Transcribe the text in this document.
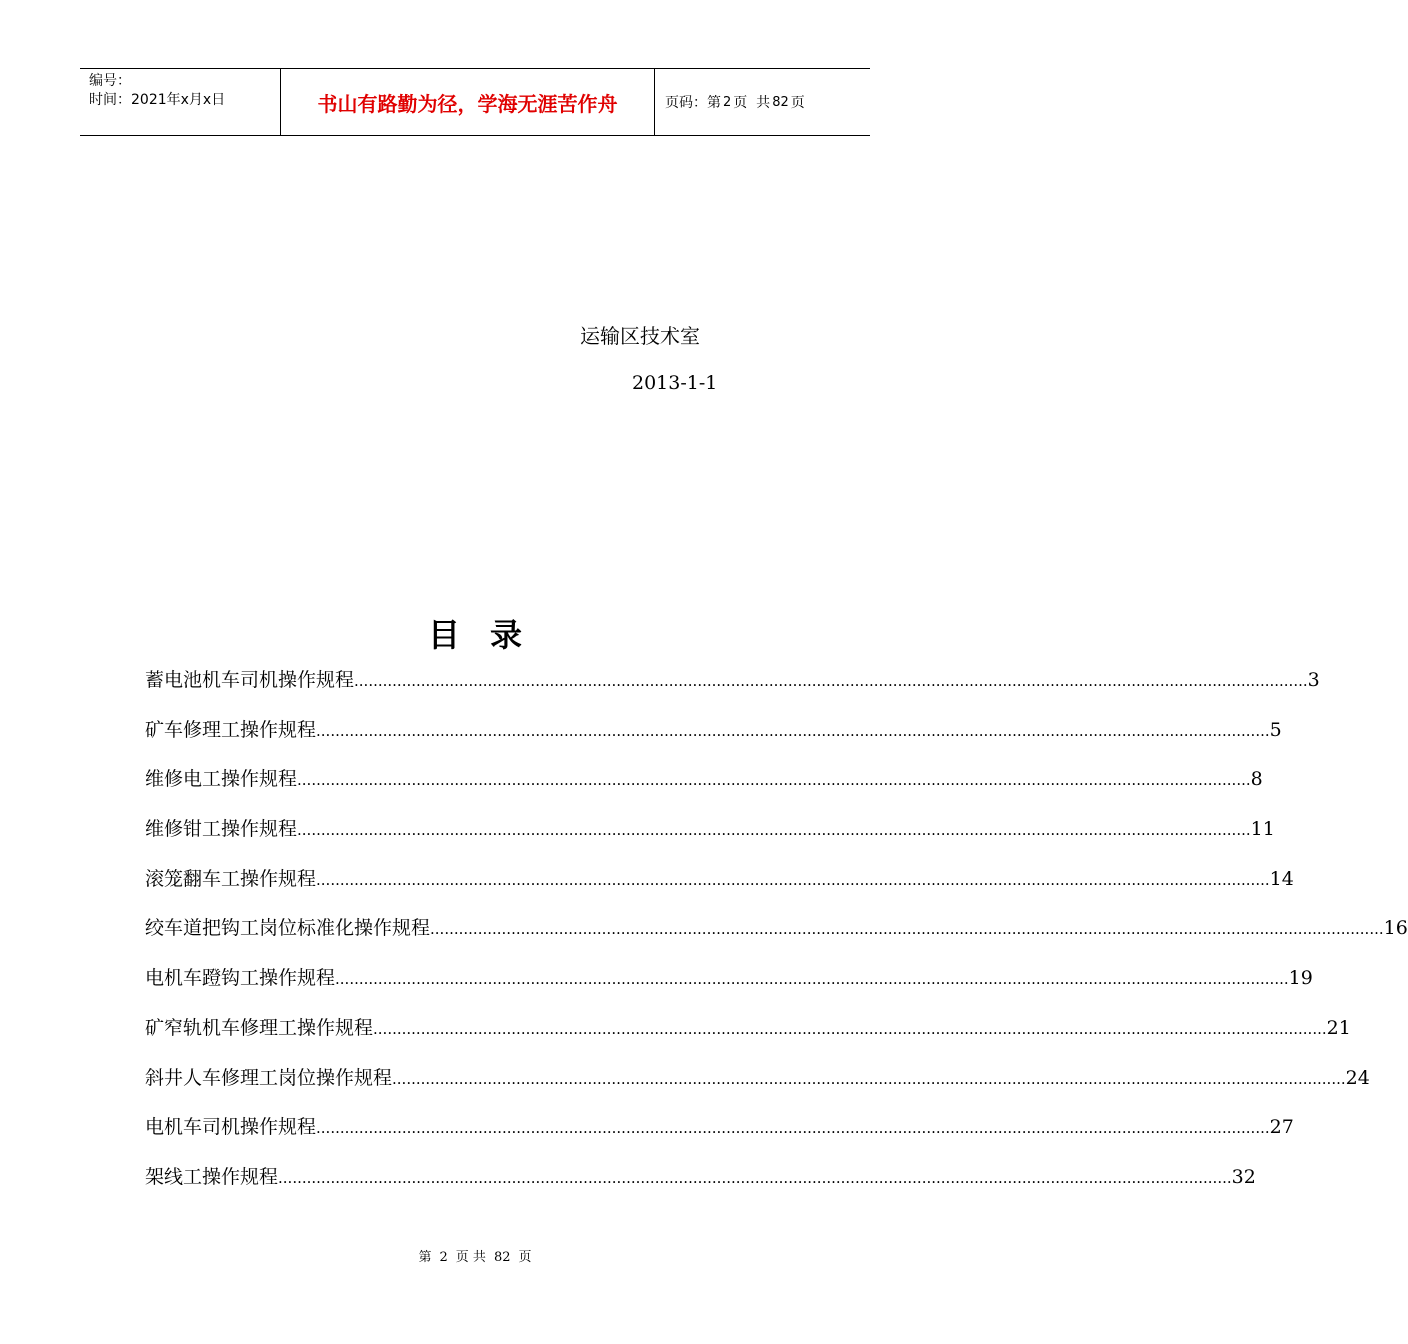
编号：
时间：2021年x月x日	书山有路勤为径，学海无涯苦作舟	页码：第 2 页  共 82 页
运输区技术室
2013-1-1
目录
蓄电池机车司机操作规程 ........................................................................................................................................................................................................ 3
矿车修理工操作规程 ........................................................................................................................................................................................................ 5
维修电工操作规程 ........................................................................................................................................................................................................ 8
维修钳工操作规程 ........................................................................................................................................................................................................ 11
滚笼翻车工操作规程 ........................................................................................................................................................................................................ 14
绞车道把钩工岗位标准化操作规程 ........................................................................................................................................................................................................ 16
电机车蹬钩工操作规程 ........................................................................................................................................................................................................ 19
矿窄轨机车修理工操作规程 ........................................................................................................................................................................................................ 21
斜井人车修理工岗位操作规程 ........................................................................................................................................................................................................ 24
电机车司机操作规程 ........................................................................................................................................................................................................ 27
架线工操作规程 ........................................................................................................................................................................................................ 32
第 2 页 共 82 页
